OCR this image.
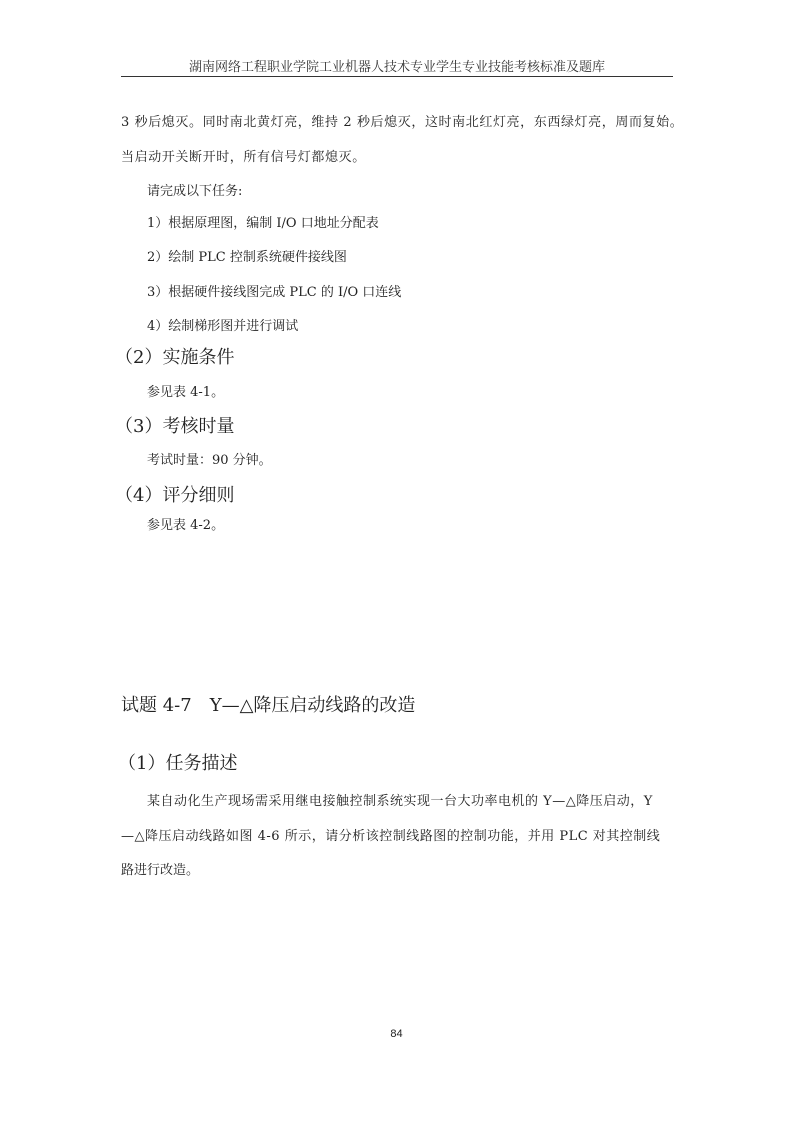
湖南网络工程职业学院工业机器人技术专业学生专业技能考核标准及题库
3 秒后熄灭。同时南北黄灯亮，维持 2 秒后熄灭，这时南北红灯亮，东西绿灯亮，周而复始。
当启动开关断开时，所有信号灯都熄灭。
请完成以下任务:
1）根据原理图，编制 I/O 口地址分配表
2）绘制 PLC 控制系统硬件接线图
3）根据硬件接线图完成 PLC 的 I/O 口连线
4）绘制梯形图并进行调试
（2）实施条件
参见表 4-1。
（3）考核时量
考试时量：90 分钟。
（4）评分细则
参见表 4-2。
试题 4-7　Y—△降压启动线路的改造
（1）任务描述
某自动化生产现场需采用继电接触控制系统实现一台大功率电机的 Y—△降压启动，Y
—△降压启动线路如图 4-6 所示，请分析该控制线路图的控制功能，并用 PLC 对其控制线
路进行改造。
84
